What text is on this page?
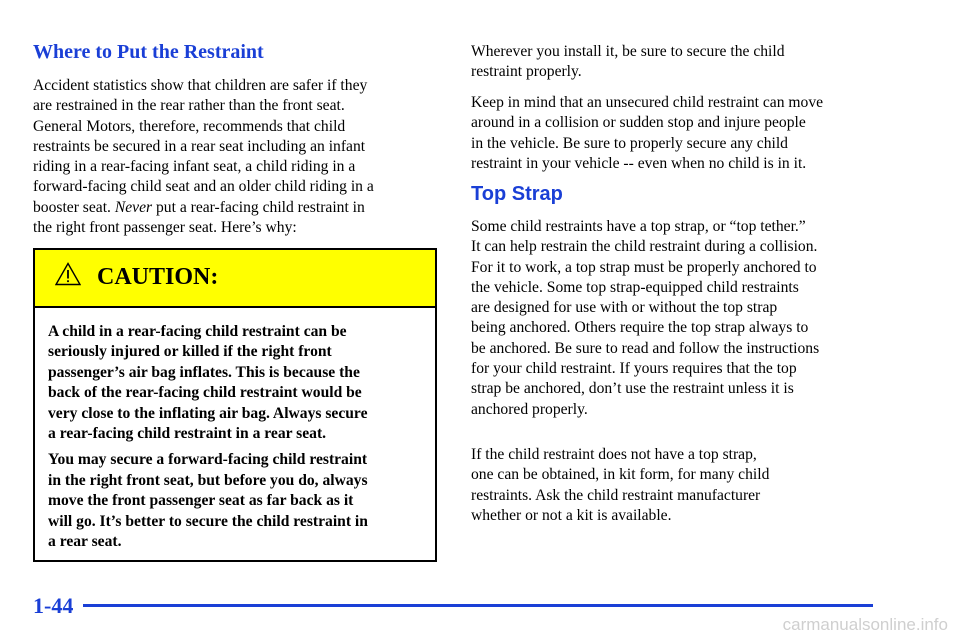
Where to Put the Restraint

Accident statistics show that children are safer if they
are restrained in the rear rather than the front seat.
General Motors, therefore, recommends that child
restraints be secured in a rear seat including an infant
riding in a rear-facing infant seat, a child riding in a
forward-facing child seat and an older child riding in a
booster seat. Never put a rear-facing child restraint in
the right front passenger seat. Here’s why:

CAUTION:
A child in a rear-facing child restraint can be
seriously injured or killed if the right front
passenger’s air bag inflates. This is because the
back of the rear-facing child restraint would be
very close to the inflating air bag. Always secure
a rear-facing child restraint in a rear seat.
You may secure a forward-facing child restraint
in the right front seat, but before you do, always
move the front passenger seat as far back as it
will go. It’s better to secure the child restraint in
a rear seat.

Wherever you install it, be sure to secure the child
restraint properly.

Keep in mind that an unsecured child restraint can move
around in a collision or sudden stop and injure people
in the vehicle. Be sure to properly secure any child
restraint in your vehicle -- even when no child is in it.

Top Strap

Some child restraints have a top strap, or “top tether.”
It can help restrain the child restraint during a collision.
For it to work, a top strap must be properly anchored to
the vehicle. Some top strap-equipped child restraints
are designed for use with or without the top strap
being anchored. Others require the top strap always to
be anchored. Be sure to read and follow the instructions
for your child restraint. If yours requires that the top
strap be anchored, don’t use the restraint unless it is
anchored properly.

If the child restraint does not have a top strap,
one can be obtained, in kit form, for many child
restraints. Ask the child restraint manufacturer
whether or not a kit is available.

1-44
carmanualsonline.info
